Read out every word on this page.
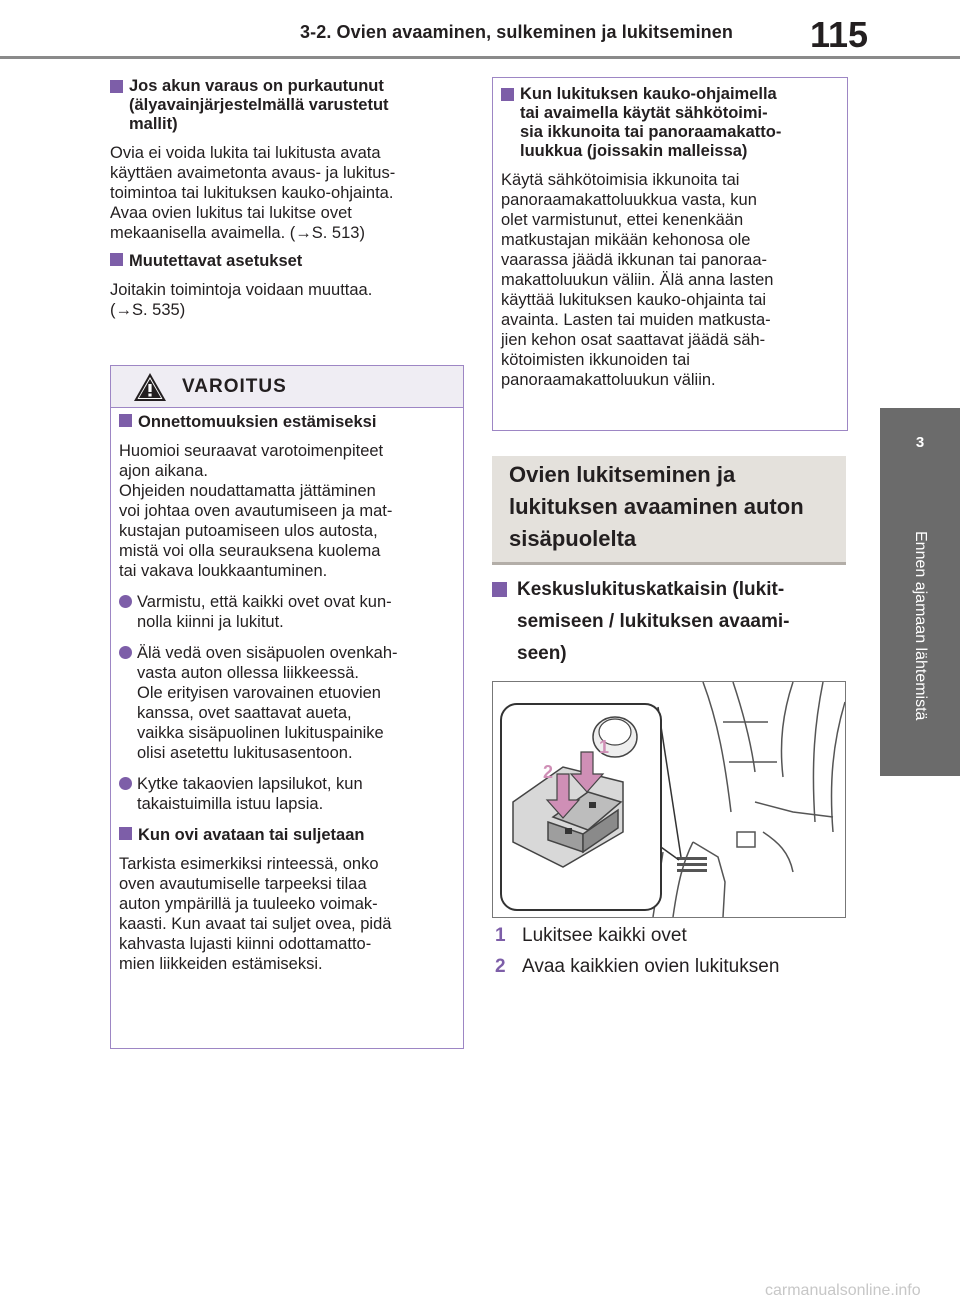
3-2. Ovien avaaminen, sulkeminen ja lukitseminen 115
3
Ennen ajamaan lähtemistä
Jos akun varaus on purkautunut
(älyavainjärjestelmällä varustetut
mallit)
Ovia ei voida lukita tai lukitusta avata
käyttäen avaimetonta avaus- ja lukitus-
toimintoa tai lukituksen kauko-ohjainta.
Avaa ovien lukitus tai lukitse ovet
mekaanisella avaimella. (→S. 513)
Muutettavat asetukset
Joitakin toimintoja voidaan muuttaa.
(→S. 535)
VAROITUS
Onnettomuuksien estämiseksi
Huomioi seuraavat varotoimenpiteet
ajon aikana.
Ohjeiden noudattamatta jättäminen
voi johtaa oven avautumiseen ja mat-
kustajan putoamiseen ulos autosta,
mistä voi olla seurauksena kuolema
tai vakava loukkaantuminen.
Varmistu, että kaikki ovet ovat kun-
nolla kiinni ja lukitut.
Älä vedä oven sisäpuolen ovenkah-
vasta auton ollessa liikkeessä.
Ole erityisen varovainen etuovien
kanssa, ovet saattavat aueta,
vaikka sisäpuolinen lukituspainike
olisi asetettu lukitusasentoon.
Kytke takaovien lapsilukot, kun
takaistuimilla istuu lapsia.
Kun ovi avataan tai suljetaan
Tarkista esimerkiksi rinteessä, onko
oven avautumiselle tarpeeksi tilaa
auton ympärillä ja tuuleeko voimak-
kaasti. Kun avaat tai suljet ovea, pidä
kahvasta lujasti kiinni odottamatto-
mien liikkeiden estämiseksi.
Kun lukituksen kauko-ohjaimella
tai avaimella käytät sähkötoimi-
sia ikkunoita tai panoraamakatto-
luukkua (joissakin malleissa)
Käytä sähkötoimisia ikkunoita tai
panoraamakattoluukkua vasta, kun
olet varmistunut, ettei kenenkään
matkustajan mikään kehonosa ole
vaarassa jäädä ikkunan tai panoraa-
makattoluukun väliin. Älä anna lasten
käyttää lukituksen kauko-ohjainta tai
avainta. Lasten tai muiden matkusta-
jien kehon osat saattavat jäädä säh-
kötoimisten ikkunoiden tai
panoraamakattoluukun väliin.
Ovien lukitseminen ja
lukituksen avaaminen auton
sisäpuolelta
Keskuslukituskatkaisin (lukit-
semiseen / lukituksen avaami-
seen)
1
2
1 Lukitsee kaikki ovet
2 Avaa kaikkien ovien lukituksen
carmanualsonline.info
